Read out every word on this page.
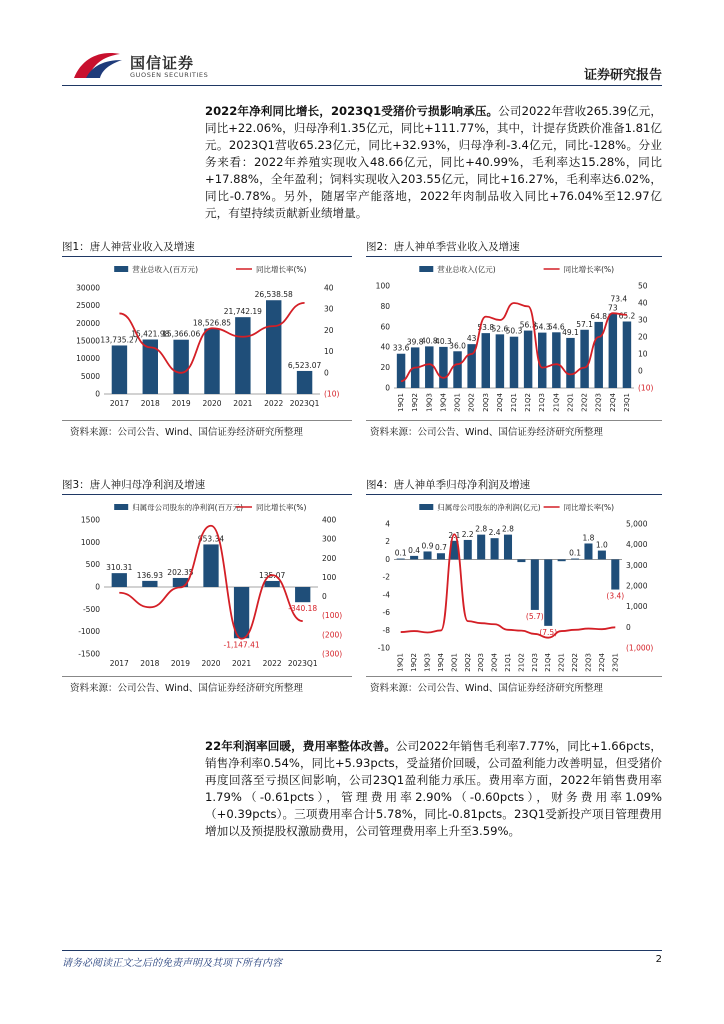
国信证券
GUOSEN SECURITIES	证券研究报告

2022年净利同比增长，2023Q1受猪价亏损影响承压。公司2022年营收265.39亿元，同比+22.06%，归母净利1.35亿元，同比+111.77%，其中，计提存货跌价准备1.81亿元。2023Q1营收65.23亿元，同比+32.93%，归母净利-3.4亿元，同比-128%。分业务来看：2022年养殖实现收入48.66亿元，同比+40.99%，毛利率达15.28%，同比+17.88%，全年盈利；饲料实现收入203.55亿元，同比+16.27%，毛利率达6.02%，同比-0.78%。另外，随屠宰产能落地，2022年肉制品收入同比+76.04%至12.97亿元，有望持续贡献新业绩增量。

图1：唐人神营业收入及增速
营业总收入(百万元)	同比增长率(%)
0
5000
10000
15000
20000
25000
30000
(10)
0
10
20
30
40
13,735.27
2017
15,421.98
2018
15,366.06
2019
18,526.85
2020
21,742.19
2021
26,538.58
2022
6,523.07
2023Q1
资料来源：公司公告、Wind、国信证券经济研究所整理
图2：唐人神单季营业收入及增速
营业总收入(亿元)	同比增长率(%)
0
20
40
60
80
100
(10)
0
10
20
30
40
50
33.6
19Q1
39.8
19Q2
40.8
19Q3
40.3
19Q4
36.0
20Q1
43
20Q2
53.8
20Q3
52.6
20Q4
50.3
21Q1
56.3
21Q2
54.3
21Q3
54.6
21Q4
49.1
22Q1
57.1
22Q2
64.8
22Q3
73
22Q4
65.2
23Q1
73.4
资料来源：公司公告、Wind、国信证券经济研究所整理
图3：唐人神归母净利润及增速
归属母公司股东的净利润(百万元) 同比增长率(%)
-1500
-1000
-500
0
500
1000
1500
(300)
(200)
(100)
0
100
200
300
400
310.31
2017
136.93
2018
202.35
2019
953.34
2020
-1,147.41
2021
135.07
2022
-340.18
2023Q1
资料来源：公司公告、Wind、国信证券经济研究所整理
图4：唐人神单季归母净利润及增速
归属母公司股东的净利润(亿元)	同比增长率(%)
-10
-8
-6
-4
-2
0
2
4
(1,000)
0
1,000
2,000
3,000
4,000
5,000
0.1
19Q1
0.4
19Q2
0.9
19Q3
0.7
19Q4
2.1
20Q1
2.2
20Q2
2.8
20Q3
2.4
20Q4
2.8
21Q1 21Q2
(5.7)
21Q3
(7.5)
21Q4 22Q1
0.1
22Q2
1.8
22Q3
1.0
22Q4
(3.4)
23Q1
资料来源：公司公告、Wind、国信证券经济研究所整理

22年利润率回暖，费用率整体改善。公司2022年销售毛利率7.77%，同比+1.66pcts，销售净利率0.54%，同比+5.93pcts，受益猪价回暖，公司盈利能力改善明显，但受猪价再度回落至亏损区间影响，公司23Q1盈利能力承压。费用率方面，2022年销售费用率1.79%（-0.61pcts），管理费用率2.90%（-0.60pcts），财务费用率1.09%（+0.39pcts）。三项费用率合计5.78%，同比-0.81pcts。23Q1受新投产项目管理费用增加以及预提股权激励费用，公司管理费用率上升至3.59%。

请务必阅读正文之后的免责声明及其项下所有内容	2
